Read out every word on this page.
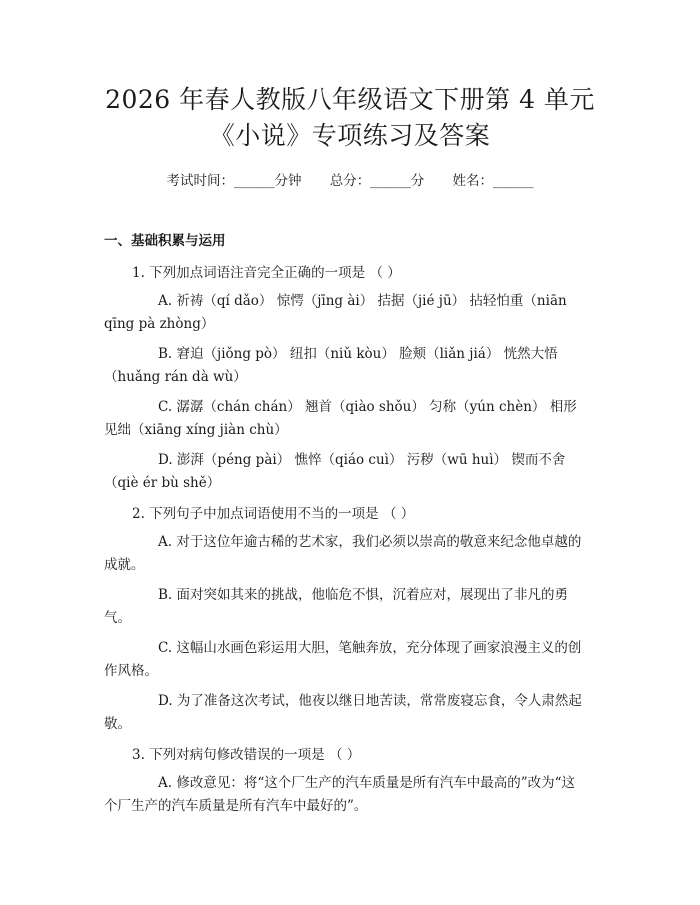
2026 年春人教版八年级语文下册第 4 单元
《小说》专项练习及答案
考试时间：______分钟 总分：______分 姓名：______
一、基础积累与运用
1. 下列加点词语注音完全正确的一项是 （ ）
A. 祈祷（qí dǎo） 惊愕（jīng ài） 拮据（jié jū） 拈轻怕重（niān qīng pà zhòng）
B. 窘迫（jiǒng pò） 纽扣（niǔ kòu） 脸颊（liǎn jiá） 恍然大悟（huǎng rán dà wù）
C. 潺潺（chán chán） 翘首（qiào shǒu） 匀称（yún chèn） 相形见绌（xiāng xíng jiàn chù）
D. 澎湃（péng pài） 憔悴（qiáo cuì） 污秽（wū huì） 锲而不舍（qiè ér bù shě）
2. 下列句子中加点词语使用不当的一项是 （ ）
A. 对于这位年逾古稀的艺术家，我们必须以崇高的敬意来纪念他卓越的成就。
B. 面对突如其来的挑战，他临危不惧，沉着应对，展现出了非凡的勇气。
C. 这幅山水画色彩运用大胆，笔触奔放，充分体现了画家浪漫主义的创作风格。
D. 为了准备这次考试，他夜以继日地苦读，常常废寝忘食，令人肃然起敬。
3. 下列对病句修改错误的一项是 （ ）
A. 修改意见：将“这个厂生产的汽车质量是所有汽车中最高的”改为“这个厂生产的汽车质量是所有汽车中最好的”。
